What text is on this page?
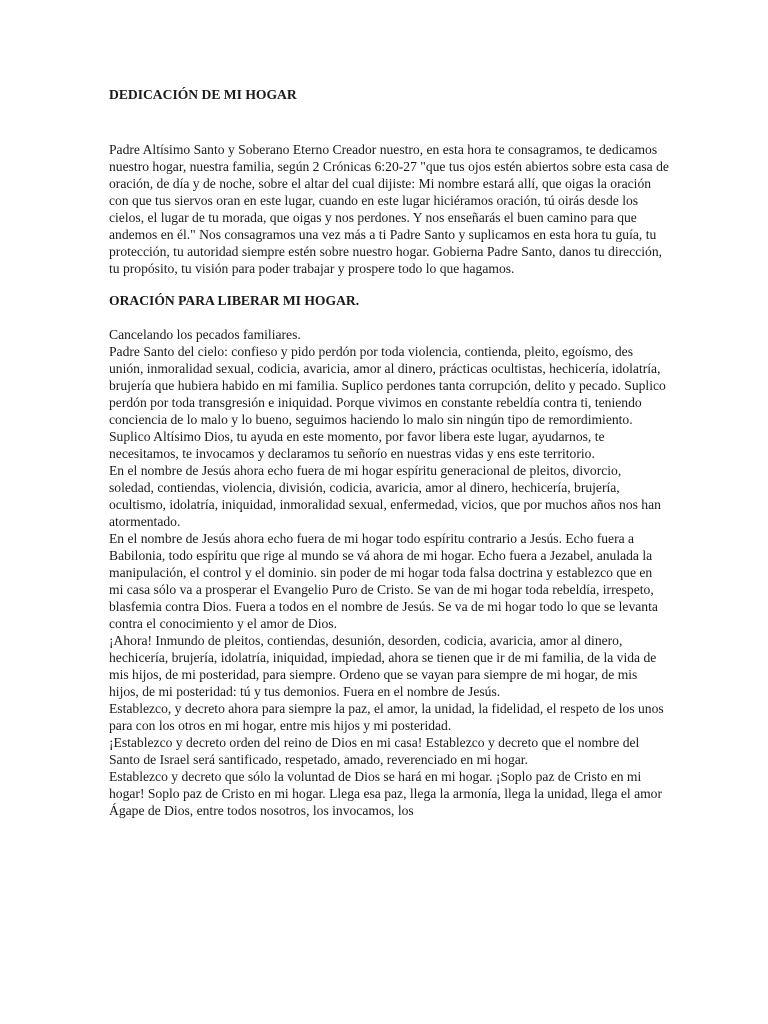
DEDICACIÓN DE MI HOGAR

Padre Altísimo Santo y Soberano Eterno Creador nuestro, en esta hora te consagramos, te dedicamos nuestro hogar, nuestra familia, según 2 Crónicas 6:20-27 "que tus ojos estén abiertos sobre esta casa de oración, de día y de noche, sobre el altar del cual dijiste: Mi nombre estará allí, que oigas la oración con que tus siervos oran en este lugar, cuando en este lugar hiciéramos oración, tú oirás desde los cielos, el lugar de tu morada, que oigas y nos perdones. Y nos enseñarás el buen camino para que andemos en él." Nos consagramos una vez más a ti Padre Santo y suplicamos en esta hora tu guía, tu protección, tu autoridad siempre estén sobre nuestro hogar. Gobierna Padre Santo, danos tu dirección, tu propósito, tu visión para poder trabajar y prospere todo lo que hagamos.

ORACIÓN PARA LIBERAR MI HOGAR.

Cancelando los pecados familiares.

Padre Santo del cielo: confieso y pido perdón por toda violencia, contienda, pleito, egoísmo, des unión, inmoralidad sexual, codicia, avaricia, amor al dinero, prácticas ocultistas, hechicería, idolatría, brujería que hubiera habido en mi familia. Suplico perdones tanta corrupción, delito y pecado. Suplico perdón por toda transgresión e iniquidad. Porque vivimos en constante rebeldía contra ti, teniendo conciencia de lo malo y lo bueno, seguimos haciendo lo malo sin ningún tipo de remordimiento. Suplico Altísimo Dios, tu ayuda en este momento, por favor libera este lugar, ayudarnos, te necesitamos, te invocamos y declaramos tu señorío en nuestras vidas y ens este territorio.

En el nombre de Jesús ahora echo fuera de mi hogar espíritu generacional de pleitos, divorcio, soledad, contiendas, violencia, división, codicia, avaricia, amor al dinero, hechicería, brujería, ocultismo, idolatría, iniquidad, inmoralidad sexual, enfermedad, vicios, que por muchos años nos han atormentado.

En el nombre de Jesús ahora echo fuera de mi hogar todo espíritu contrario a Jesús. Echo fuera a Babilonia, todo espíritu que rige al mundo se vá ahora de mi hogar. Echo fuera a Jezabel, anulada la manipulación, el control y el dominio. sin poder de mi hogar toda falsa doctrina y establezco que en mi casa sólo va a prosperar el Evangelio Puro de Cristo. Se van de mi hogar toda rebeldía, irrespeto, blasfemia contra Dios. Fuera a todos en el nombre de Jesús. Se va de mi hogar todo lo que se levanta contra el conocimiento y el amor de Dios.

¡Ahora! Inmundo de pleitos, contiendas, desunión, desorden, codicia, avaricia, amor al dinero, hechicería, brujería, idolatría, iniquidad, impiedad, ahora se tienen que ir de mi familia, de la vida de mis hijos, de mi posteridad, para siempre. Ordeno que se vayan para siempre de mi hogar, de mis hijos, de mi posteridad: tú y tus demonios. Fuera en el nombre de Jesús.

Establezco, y decreto ahora para siempre la paz, el amor, la unidad, la fidelidad, el respeto de los unos para con los otros en mi hogar, entre mis hijos y mi posteridad.

¡Establezco y decreto orden del reino de Dios en mi casa! Establezco y decreto que el nombre del Santo de Israel será santificado, respetado, amado, reverenciado en mi hogar.

Establezco y decreto que sólo la voluntad de Dios se hará en mi hogar. ¡Soplo paz de Cristo en mi hogar! Soplo paz de Cristo en mi hogar. Llega esa paz, llega la armonía, llega la unidad, llega el amor Ágape de Dios, entre todos nosotros, los invocamos, los
